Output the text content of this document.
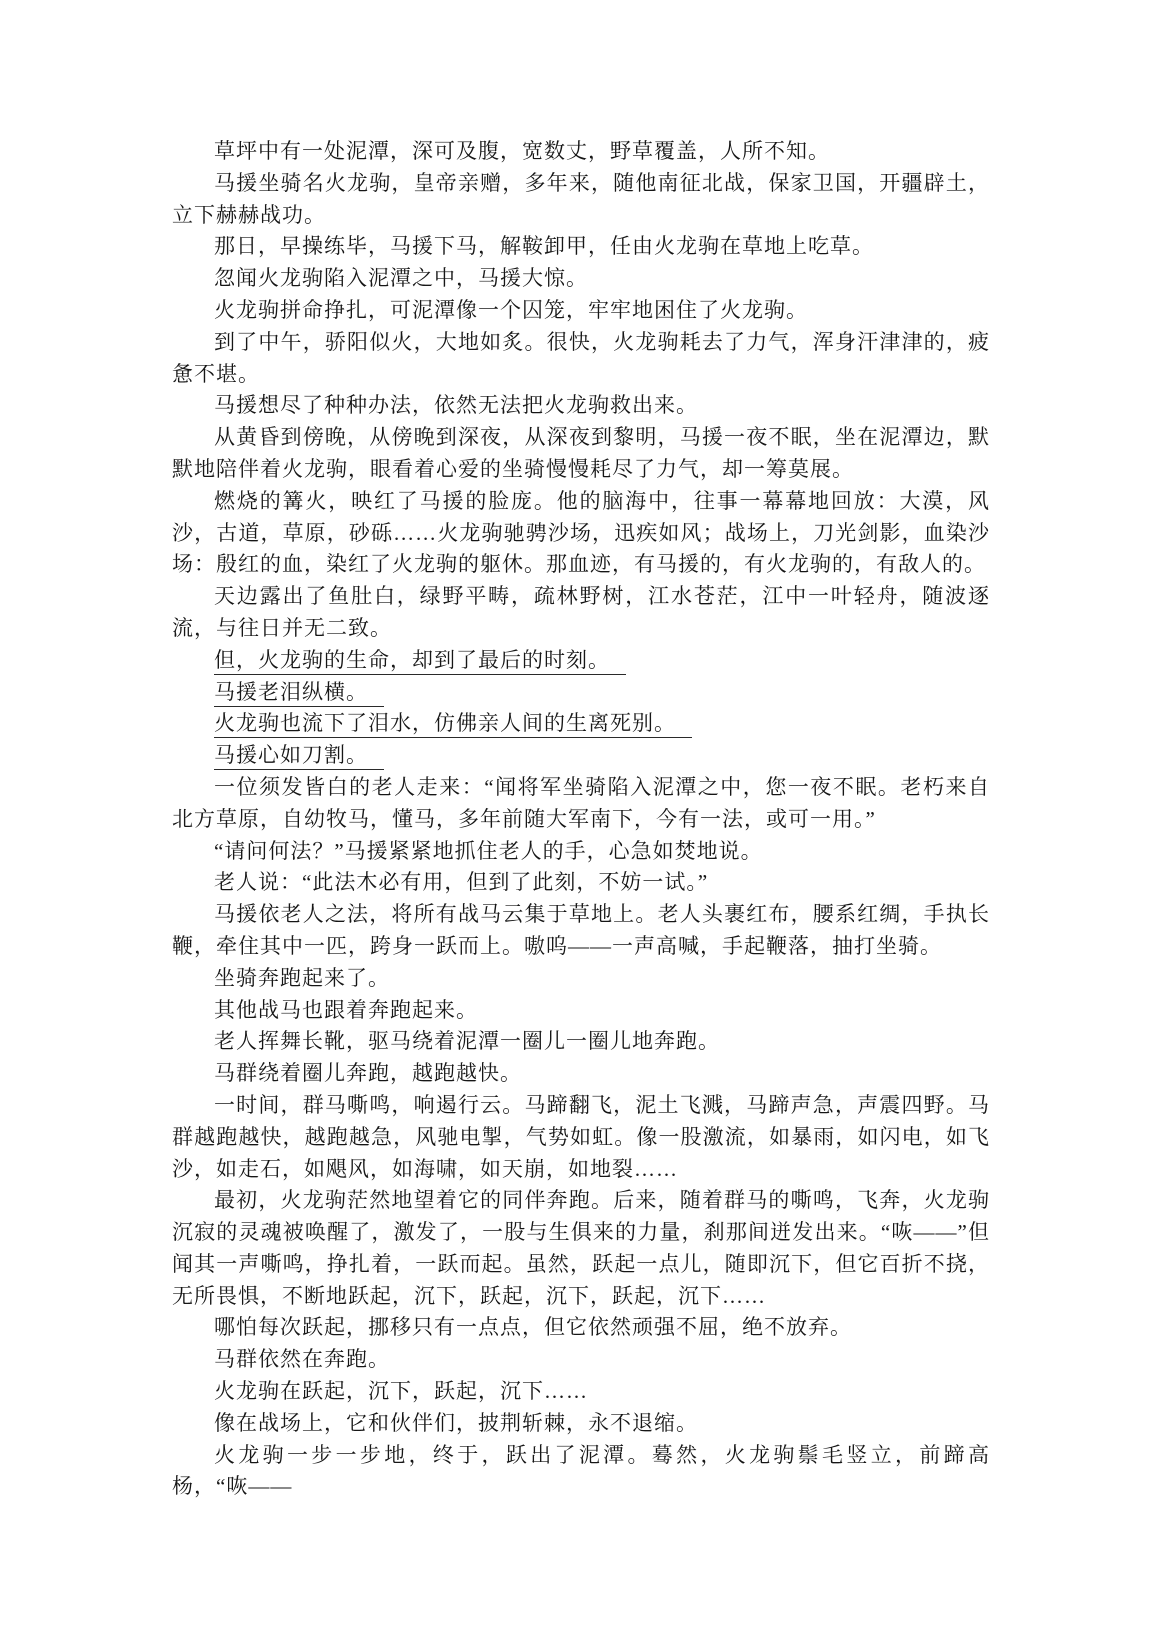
草坪中有一处泥潭，深可及腹，宽数丈，野草覆盖，人所不知。

马援坐骑名火龙驹，皇帝亲赠，多年来，随他南征北战，保家卫国，开疆辟土，立下赫赫战功。

那日，早操练毕，马援下马，解鞍卸甲，任由火龙驹在草地上吃草。

忽闻火龙驹陷入泥潭之中，马援大惊。

火龙驹拼命挣扎，可泥潭像一个囚笼，牢牢地困住了火龙驹。

到了中午，骄阳似火，大地如炙。很快，火龙驹耗去了力气，浑身汗津津的，疲惫不堪。

马援想尽了种种办法，依然无法把火龙驹救出来。

从黄昏到傍晚，从傍晚到深夜，从深夜到黎明，马援一夜不眠，坐在泥潭边，默默地陪伴着火龙驹，眼看着心爱的坐骑慢慢耗尽了力气，却一筹莫展。

燃烧的篝火，映红了马援的脸庞。他的脑海中，往事一幕幕地回放：大漠，风沙，古道，草原，砂砾……火龙驹驰骋沙场，迅疾如风；战场上，刀光剑影，血染沙场：殷红的血，染红了火龙驹的躯休。那血迹，有马援的，有火龙驹的，有敌人的。

天边露出了鱼肚白，绿野平畴，疏林野树，江水苍茫，江中一叶轻舟，随波逐流，与往日并无二致。

但，火龙驹的生命，却到了最后的时刻。

马援老泪纵横。

火龙驹也流下了泪水，仿佛亲人间的生离死别。

马援心如刀割。

一位须发皆白的老人走来：“闻将军坐骑陷入泥潭之中，您一夜不眠。老朽来自北方草原，自幼牧马，懂马，多年前随大军南下，今有一法，或可一用。”

“请问何法？”马援紧紧地抓住老人的手，心急如焚地说。

老人说：“此法木必有用，但到了此刻，不妨一试。”

马援依老人之法，将所有战马云集于草地上。老人头裹红布，腰系红绸，手执长鞭，牵住其中一匹，跨身一跃而上。嗷呜——一声高喊，手起鞭落，抽打坐骑。

坐骑奔跑起来了。

其他战马也跟着奔跑起来。

老人挥舞长靴，驱马绕着泥潭一圈儿一圈儿地奔跑。

马群绕着圈儿奔跑，越跑越快。

一时间，群马嘶鸣，响遏行云。马蹄翻飞，泥土飞溅，马蹄声急，声震四野。马群越跑越快，越跑越急，风驰电掣，气势如虹。像一股激流，如暴雨，如闪电，如飞沙，如走石，如飓风，如海啸，如天崩，如地裂……

最初，火龙驹茫然地望着它的同伴奔跑。后来，随着群马的嘶鸣，飞奔，火龙驹沉寂的灵魂被唤醒了，激发了，一股与生俱来的力量，刹那间迸发出来。“咴——”但闻其一声嘶鸣，挣扎着，一跃而起。虽然，跃起一点儿，随即沉下，但它百折不挠，无所畏惧，不断地跃起，沉下，跃起，沉下，跃起，沉下……

哪怕每次跃起，挪移只有一点点，但它依然顽强不屈，绝不放弃。

马群依然在奔跑。

火龙驹在跃起，沉下，跃起，沉下……

像在战场上，它和伙伴们，披荆斩棘，永不退缩。

火龙驹一步一步地，终于，跃出了泥潭。蓦然，火龙驹鬃毛竖立，前蹄高杨，“咴——
